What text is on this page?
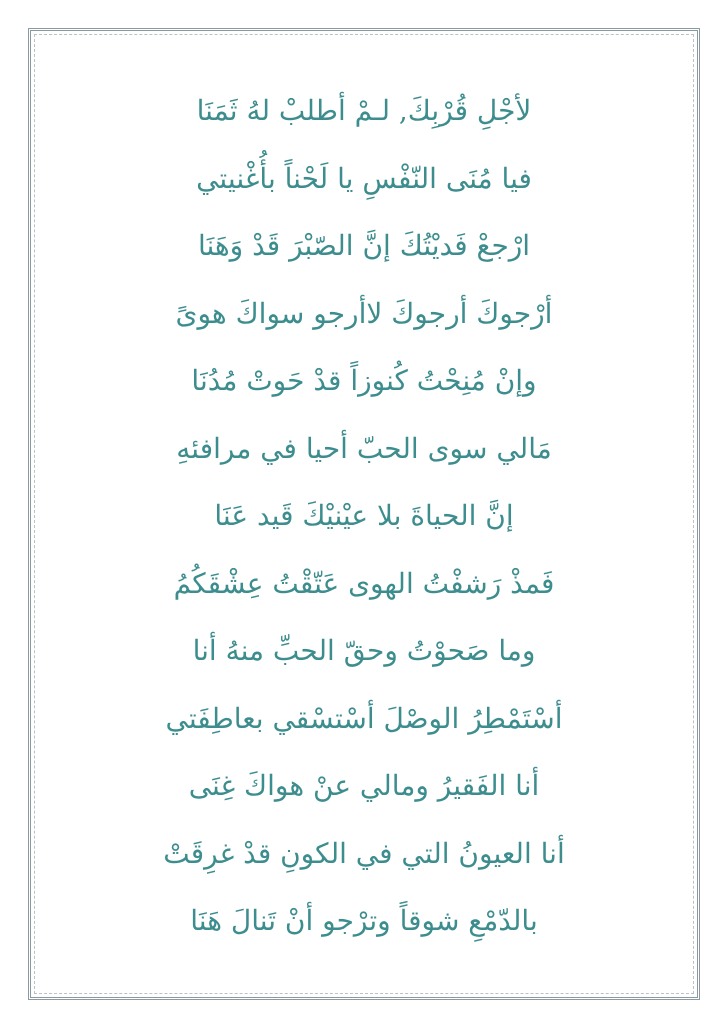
لأجْلِ قُرْبِكَ, لـمْ أطلبْ لهُ ثَمَنَا
فيا مُنَى النّفْسِ يا لَحْناً بأُغْنيتي
ارْجعْ فَديْتُكَ إنَّ الصّبْرَ قَدْ وَهَنَا
أرْجوكَ أرجوكَ لاأرجو سواكَ هوىً
وإنْ مُنِحْتُ كُنوزاً قدْ حَوتْ مُدُنَا
مَالي سوى الحبّ أحيا في مرافئهِ
إنَّ الحياةَ بلا عيْنيْكَ قَيد عَنَا
فَمذْ رَشفْتُ الهوى عَتّقْتُ عِشْقَكُمُ
وما صَحوْتُ وحقّ الحبِّ منهُ أنا
أسْتَمْطِرُ الوصْلَ أسْتسْقي بعاطِفَتي
أنا الفَقيرُ ومالي عنْ هواكَ غِنَى
أنا العيونُ التي في الكونِ قدْ غرِقَتْ
بالدّمْعِ شوقاً وترْجو أنْ تَنالَ هَنَا
